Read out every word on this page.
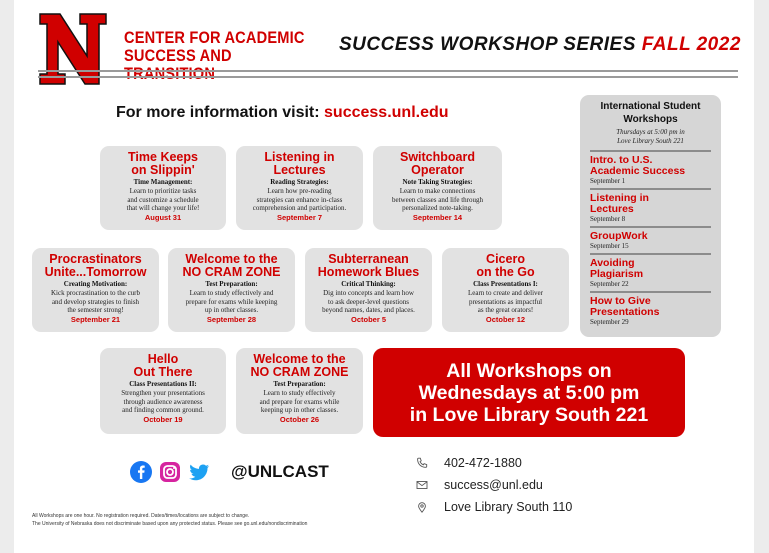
CENTER FOR ACADEMIC
SUCCESS AND TRANSITION
SUCCESS WORKSHOP SERIES FALL 2022
For more information visit: success.unl.edu
Time Keeps
on Slippin'
Time Management:
Learn to prioritize tasks
and customize a schedule
that will change your life!
August 31
Listening in
Lectures
Reading Strategies:
Learn how pre-reading
strategies can enhance in-class
comprehension and participation.
September 7
Switchboard
Operator
Note Taking Strategies:
Learn to make connections
between classes and life through
personalized note-taking.
September 14
Procrastinators
Unite...Tomorrow
Creating Motivation:
Kick procrastination to the curb
and develop strategies to finish
the semester strong!
September 21
Welcome to the
NO CRAM ZONE
Test Preparation:
Learn to study effectively and
prepare for exams while keeping
up in other classes.
September 28
Subterranean
Homework Blues
Critical Thinking:
Dig into concepts and learn how
to ask deeper-level questions
beyond names, dates, and places.
October 5
Cicero
on the Go
Class Presentations I:
Learn to create and deliver
presentations as impactful
as the great orators!
October 12
Hello
Out There
Class Presentations II:
Strengthen your presentations
through audience awareness
and finding common ground.
October 19
Welcome to the
NO CRAM ZONE
Test Preparation:
Learn to study effectively
and prepare for exams while
keeping up in other classes.
October 26
All Workshops on
Wednesdays at 5:00 pm
in Love Library South 221
International Student
Workshops
Thursdays at 5:00 pm in
Love Library South 221
Intro. to U.S.
Academic Success
September 1
Listening in
Lectures
September 8
GroupWork
September 15
Avoiding
Plagiarism
September 22
How to Give
Presentations
September 29
@UNLCAST	402-472-1880
success@unl.edu
Love Library South 110
All Workshops are one hour. No registration required. Dates/times/locations are subject to change.
The University of Nebraska does not discriminate based upon any protected status. Please see go.unl.edu/nondiscrimination
